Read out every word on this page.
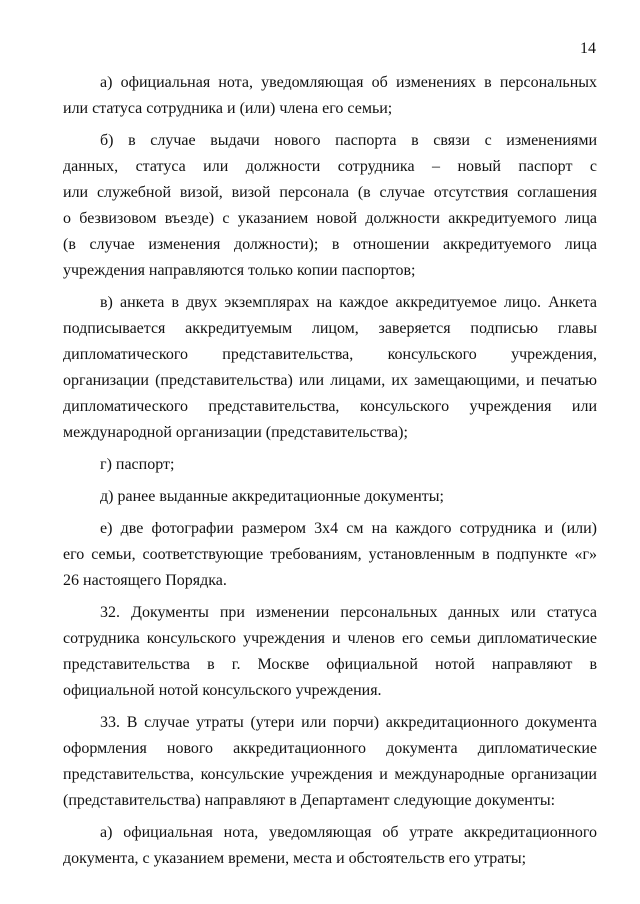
14
а) официальная нота, уведомляющая об изменениях в персональных
или статуса сотрудника и (или) члена его семьи;
б) в случае выдачи нового паспорта в связи с изменениями
данных, статуса или должности сотрудника – новый паспорт с
или служебной визой, визой персонала (в случае отсутствия соглашения
о безвизовом въезде) с указанием новой должности аккредитуемого лица
(в случае изменения должности); в отношении аккредитуемого лица
учреждения направляются только копии паспортов;
в) анкета в двух экземплярах на каждое аккредитуемое лицо. Анкета
подписывается аккредитуемым лицом, заверяется подписью главы
дипломатического представительства, консульского учреждения,
организации (представительства) или лицами, их замещающими, и печатью
дипломатического представительства, консульского учреждения или
международной организации (представительства);
г) паспорт;
д) ранее выданные аккредитационные документы;
е) две фотографии размером 3х4 см на каждого сотрудника и (или)
его семьи, соответствующие требованиям, установленным в подпункте «г»
26 настоящего Порядка.
32. Документы при изменении персональных данных или статуса
сотрудника консульского учреждения и членов его семьи дипломатические
представительства в г. Москве официальной нотой направляют в
официальной нотой консульского учреждения.
33. В случае утраты (утери или порчи) аккредитационного документа
оформления нового аккредитационного документа дипломатические
представительства, консульские учреждения и международные организации
(представительства) направляют в Департамент следующие документы:
а) официальная нота, уведомляющая об утрате аккредитационного
документа, с указанием времени, места и обстоятельств его утраты;
